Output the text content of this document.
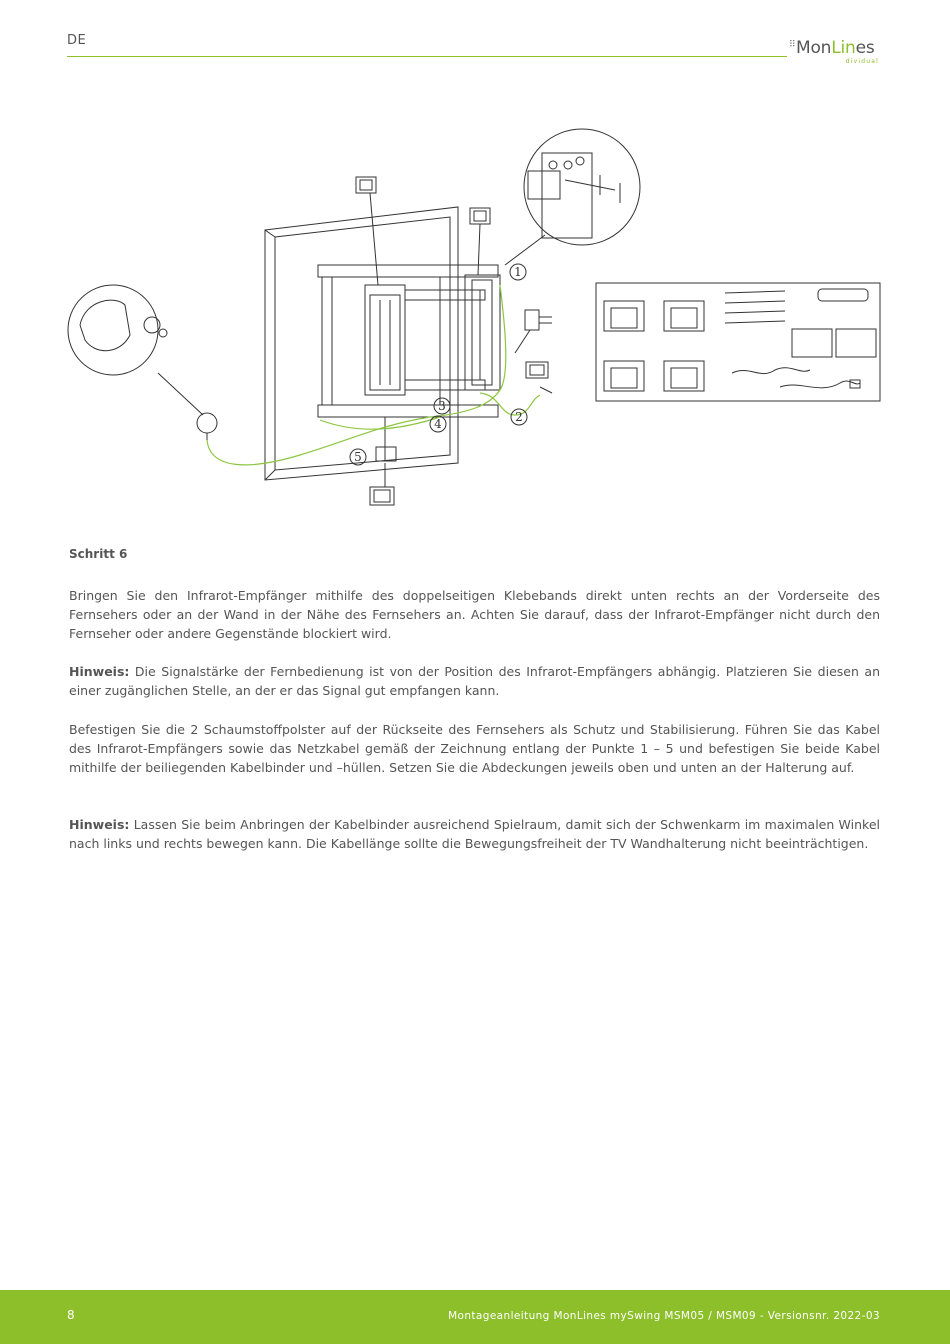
DE	⠿ MonLines
dividual
1
2
3
4
5
Schritt 6

Bringen Sie den Infrarot-Empfänger mithilfe des doppelseitigen Klebebands direkt unten rechts an der Vorderseite des Fernsehers oder an der Wand in der Nähe des Fernsehers an. Achten Sie darauf, dass der Infrarot-Empfänger nicht durch den Fernseher oder andere Gegenstände blockiert wird.

Hinweis: Die Signalstärke der Fernbedienung ist von der Position des Infrarot-Empfängers abhängig. Platzieren Sie diesen an einer zugänglichen Stelle, an der er das Signal gut empfangen kann.

Befestigen Sie die 2 Schaumstoffpolster auf der Rückseite des Fernsehers als Schutz und Stabilisierung. Führen Sie das Kabel des Infrarot-Empfängers sowie das Netzkabel gemäß der Zeichnung entlang der Punkte 1 – 5 und befestigen Sie beide Kabel mithilfe der beiliegenden Kabelbinder und –hüllen. Setzen Sie die Abdeckungen jeweils oben und unten an der Halterung auf.

Hinweis: Lassen Sie beim Anbringen der Kabelbinder ausreichend Spielraum, damit sich der Schwenkarm im maximalen Winkel nach links und rechts bewegen kann. Die Kabellänge sollte die Bewegungsfreiheit der TV Wandhalterung nicht beeinträchtigen.

8	Montageanleitung MonLines mySwing MSM05 / MSM09 - Versionsnr. 2022-03
